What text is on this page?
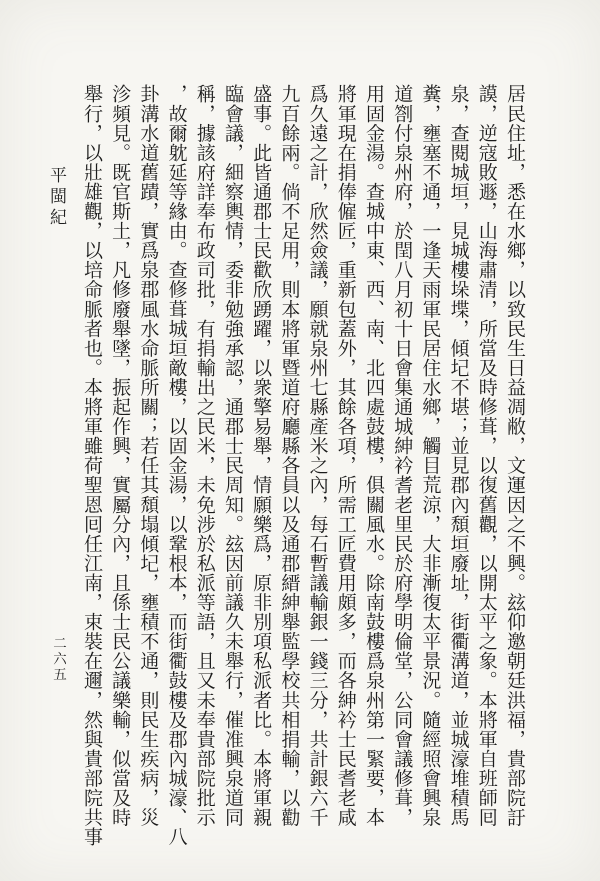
居民住址，悉在水鄉，以致民生日益凋敝，文運因之不興。玆仰邀朝廷洪福，貴部院訏
謨，逆寇敗遯，山海肅清，所當及時修葺，以復舊觀，以開太平之象。本將軍自班師囘
泉，查閱城垣，見城樓垛堞，傾圮不堪；並見郡內頹垣廢址，街衢溝道，並城濠堆積馬
糞，壅塞不通，一逢天雨軍民居住水鄉，觸目荒涼，大非漸復太平景況。隨經照會興泉
道劄付泉州府，於閏八月初十日會集通城紳衿耆老里民於府學明倫堂，公同會議修葺，
用固金湯。查城中東、西、南、北四處鼓樓，俱關風水。除南鼓樓爲泉州第一緊要，本
將軍現在捐俸僱匠，重新包蓋外，其餘各項，所需工匠費用頗多，而各紳衿士民耆老咸
爲久遠之計，欣然僉議，願就泉州七縣產米之內，每石暫議輸銀一錢三分，共計銀六千
九百餘兩。倘不足用，則本將軍暨道府廳縣各員以及通郡縉紳舉監學校共相捐輸，以勸
盛事。此皆通郡士民歡欣踴躍，以衆擎易舉，情願樂爲，原非別項私派者比。本將軍親
臨會議，細察輿情，委非勉強承認，通郡士民周知。玆因前議久未舉行，催准興泉道同
稱，據該府詳奉布政司批，有捐輸出之民米，未免涉於私派等語，且又未奉貴部院批示
，故爾躭延等緣由。查修葺城垣敵樓，以固金湯，以鞏根本，而街衢鼓樓及郡內城濠、八
卦溝水道舊蹟，實爲泉郡風水命脈所關；若任其頹塌傾圮，壅積不通，則民生疾病，災
沴頻見。既官斯土，凡修廢舉墜，振起作興，實屬分內，且係士民公議樂輸，似當及時
舉行，以壯雄觀，以培命脈者也。本將軍雖荷聖恩囘任江南，束裝在邇，然與貴部院共事
平閩紀
二六五
